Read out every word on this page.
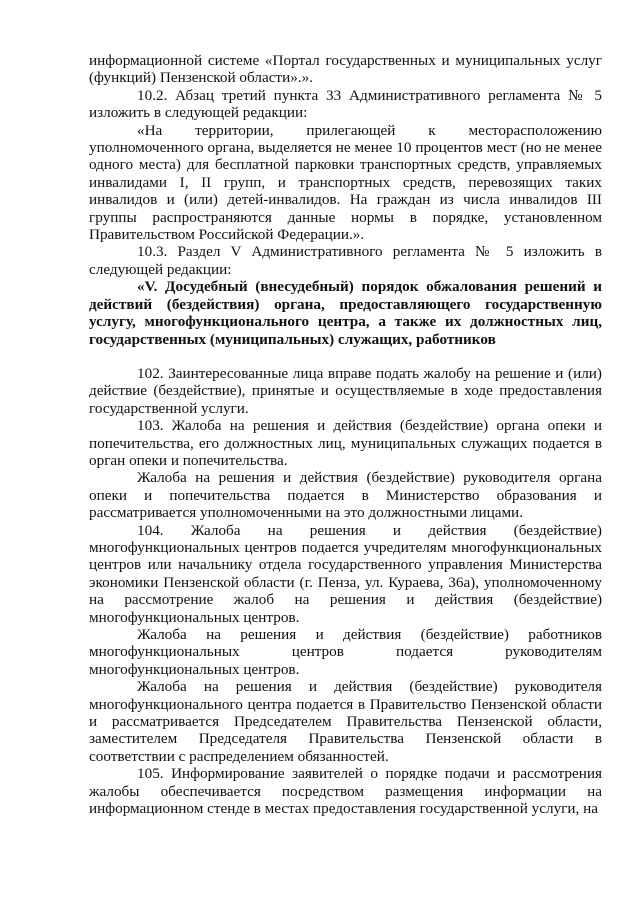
информационной системе «Портал государственных и муниципальных услуг (функций) Пензенской области».».

10.2. Абзац третий пункта 33 Административного регламента № 5 изложить в следующей редакции:

«На территории, прилегающей к месторасположению уполномоченного органа, выделяется не менее 10 процентов мест (но не менее одного места) для бесплатной парковки транспортных средств, управляемых инвалидами I, II групп, и транспортных средств, перевозящих таких инвалидов и (или) детей-инвалидов. На граждан из числа инвалидов III группы распространяются данные нормы в порядке, установленном Правительством Российской Федерации.».

10.3. Раздел V Административного регламента № 5 изложить в следующей редакции:

«V. Досудебный (внесудебный) порядок обжалования решений и действий (бездействия) органа, предоставляющего государственную услугу, многофункционального центра, а также их должностных лиц, государственных (муниципальных) служащих, работников

102. Заинтересованные лица вправе подать жалобу на решение и (или) действие (бездействие), принятые и осуществляемые в ходе предоставления государственной услуги.

103. Жалоба на решения и действия (бездействие) органа опеки и попечительства, его должностных лиц, муниципальных служащих подается в орган опеки и попечительства.

Жалоба на решения и действия (бездействие) руководителя органа опеки и попечительства подается в Министерство образования и рассматривается уполномоченными на это должностными лицами.

104. Жалоба на решения и действия (бездействие) многофункциональных центров подается учредителям многофункциональных центров или начальнику отдела государственного управления Министерства экономики Пензенской области (г. Пенза, ул. Кураева, 36а), уполномоченному на рассмотрение жалоб на решения и действия (бездействие) многофункциональных центров.

Жалоба на решения и действия (бездействие) работников многофункциональных центров подается руководителям многофункциональных центров.

Жалоба на решения и действия (бездействие) руководителя многофункционального центра подается в Правительство Пензенской области и рассматривается Председателем Правительства Пензенской области, заместителем Председателя Правительства Пензенской области в соответствии с распределением обязанностей.

105. Информирование заявителей о порядке подачи и рассмотрения жалобы обеспечивается посредством размещения информации на информационном стенде в местах предоставления государственной услуги, на
